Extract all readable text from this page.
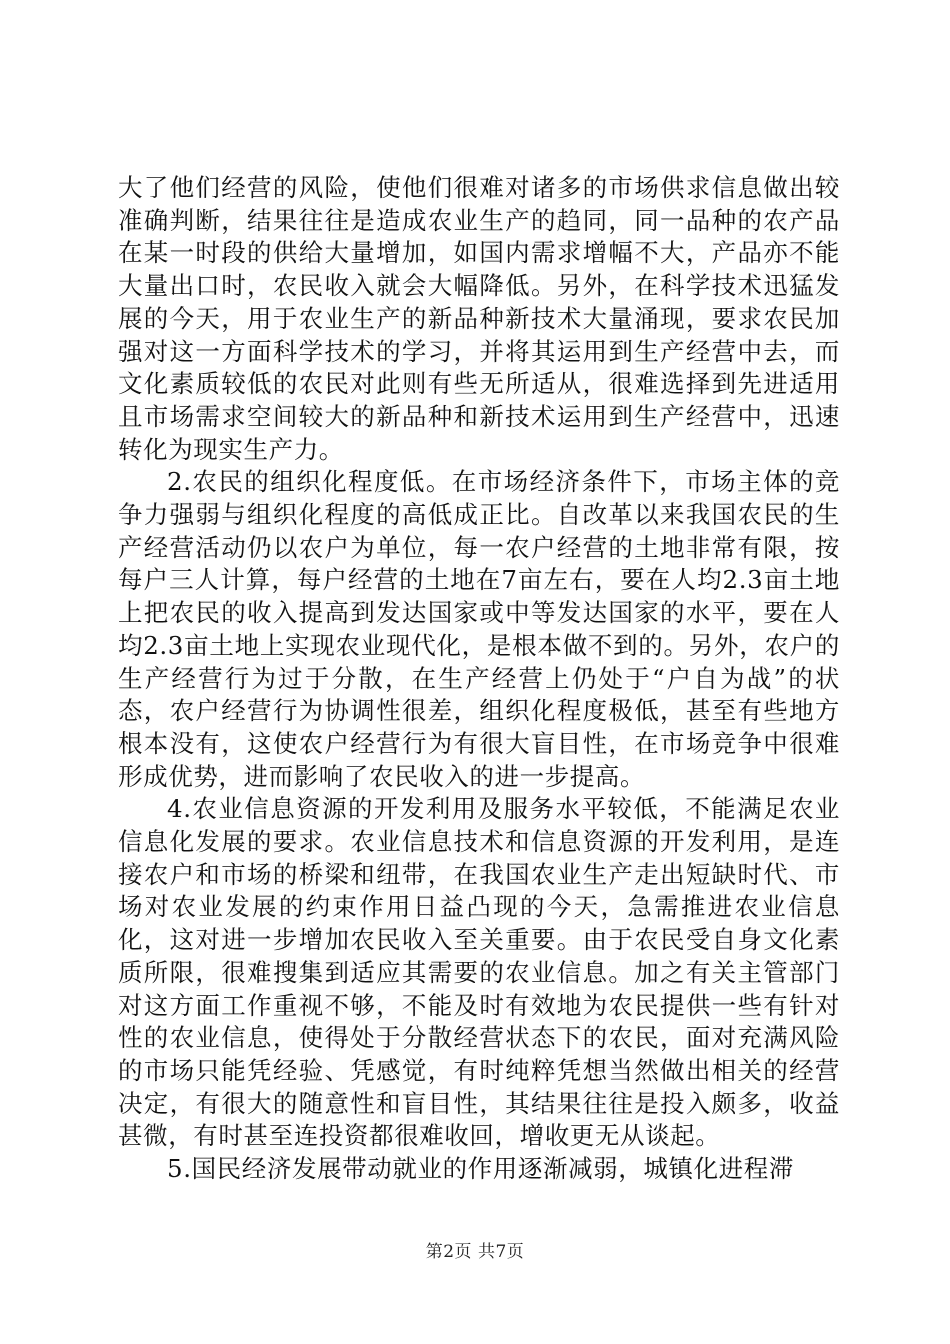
大了他们经营的风险，使他们很难对诸多的市场供求信息做出较准确判断，结果往往是造成农业生产的趋同，同一品种的农产品在某一时段的供给大量增加，如国内需求增幅不大，产品亦不能大量出口时，农民收入就会大幅降低。另外，在科学技术迅猛发展的今天，用于农业生产的新品种新技术大量涌现，要求农民加强对这一方面科学技术的学习，并将其运用到生产经营中去，而文化素质较低的农民对此则有些无所适从，很难选择到先进适用且市场需求空间较大的新品种和新技术运用到生产经营中，迅速转化为现实生产力。

2.农民的组织化程度低。在市场经济条件下，市场主体的竞争力强弱与组织化程度的高低成正比。自改革以来我国农民的生产经营活动仍以农户为单位，每一农户经营的土地非常有限，按每户三人计算，每户经营的土地在7亩左右，要在人均2.3亩土地上把农民的收入提高到发达国家或中等发达国家的水平，要在人均2.3亩土地上实现农业现代化，是根本做不到的。另外，农户的生产经营行为过于分散，在生产经营上仍处于“户自为战”的状态，农户经营行为协调性很差，组织化程度极低，甚至有些地方根本没有，这使农户经营行为有很大盲目性，在市场竞争中很难形成优势，进而影响了农民收入的进一步提高。

4.农业信息资源的开发利用及服务水平较低，不能满足农业信息化发展的要求。农业信息技术和信息资源的开发利用，是连接农户和市场的桥梁和纽带，在我国农业生产走出短缺时代、市场对农业发展的约束作用日益凸现的今天，急需推进农业信息化，这对进一步增加农民收入至关重要。由于农民受自身文化素质所限，很难搜集到适应其需要的农业信息。加之有关主管部门对这方面工作重视不够，不能及时有效地为农民提供一些有针对性的农业信息，使得处于分散经营状态下的农民，面对充满风险的市场只能凭经验、凭感觉，有时纯粹凭想当然做出相关的经营决定，有很大的随意性和盲目性，其结果往往是投入颇多，收益甚微，有时甚至连投资都很难收回，增收更无从谈起。

5.国民经济发展带动就业的作用逐渐减弱，城镇化进程滞

第2页 共7页
